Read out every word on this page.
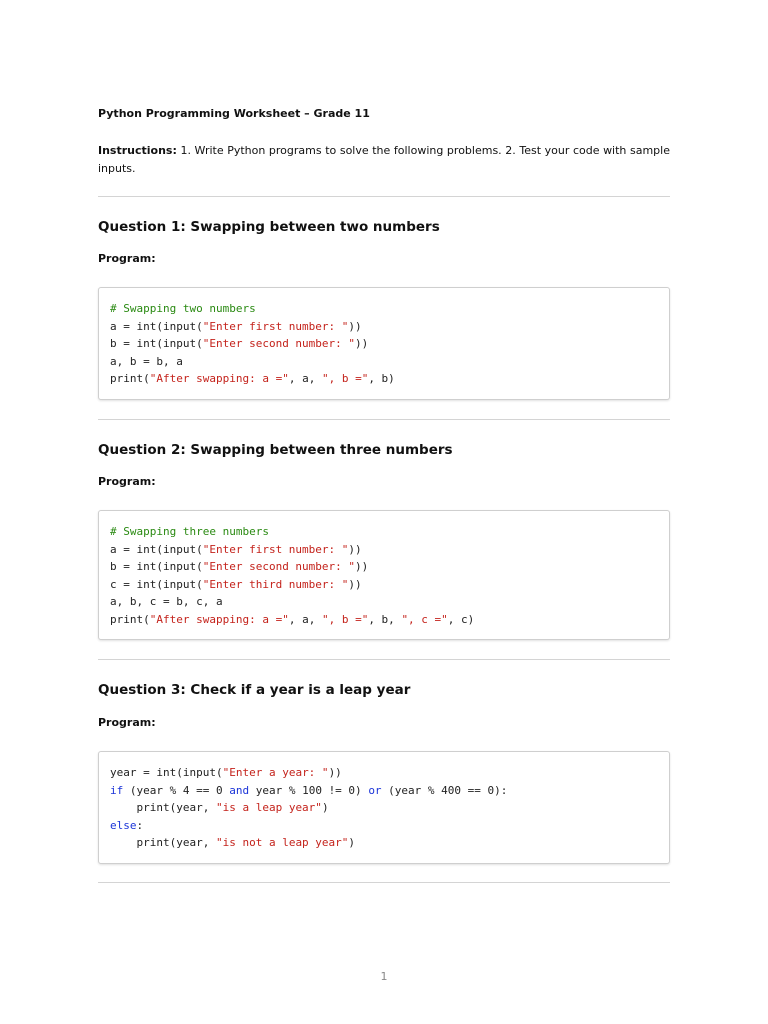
Python Programming Worksheet – Grade 11
Instructions: 1. Write Python programs to solve the following problems. 2. Test your code with sample inputs.
Question 1: Swapping between two numbers
Program:
# Swapping two numbers
a = int(input("Enter first number: "))
b = int(input("Enter second number: "))
a, b = b, a
print("After swapping: a =", a, ", b =", b)
Question 2: Swapping between three numbers
Program:
# Swapping three numbers
a = int(input("Enter first number: "))
b = int(input("Enter second number: "))
c = int(input("Enter third number: "))
a, b, c = b, c, a
print("After swapping: a =", a, ", b =", b, ", c =", c)
Question 3: Check if a year is a leap year
Program:
year = int(input("Enter a year: "))
if (year % 4 == 0 and year % 100 != 0) or (year % 400 == 0):
print(year, "is a leap year")
else:
print(year, "is not a leap year")
1
